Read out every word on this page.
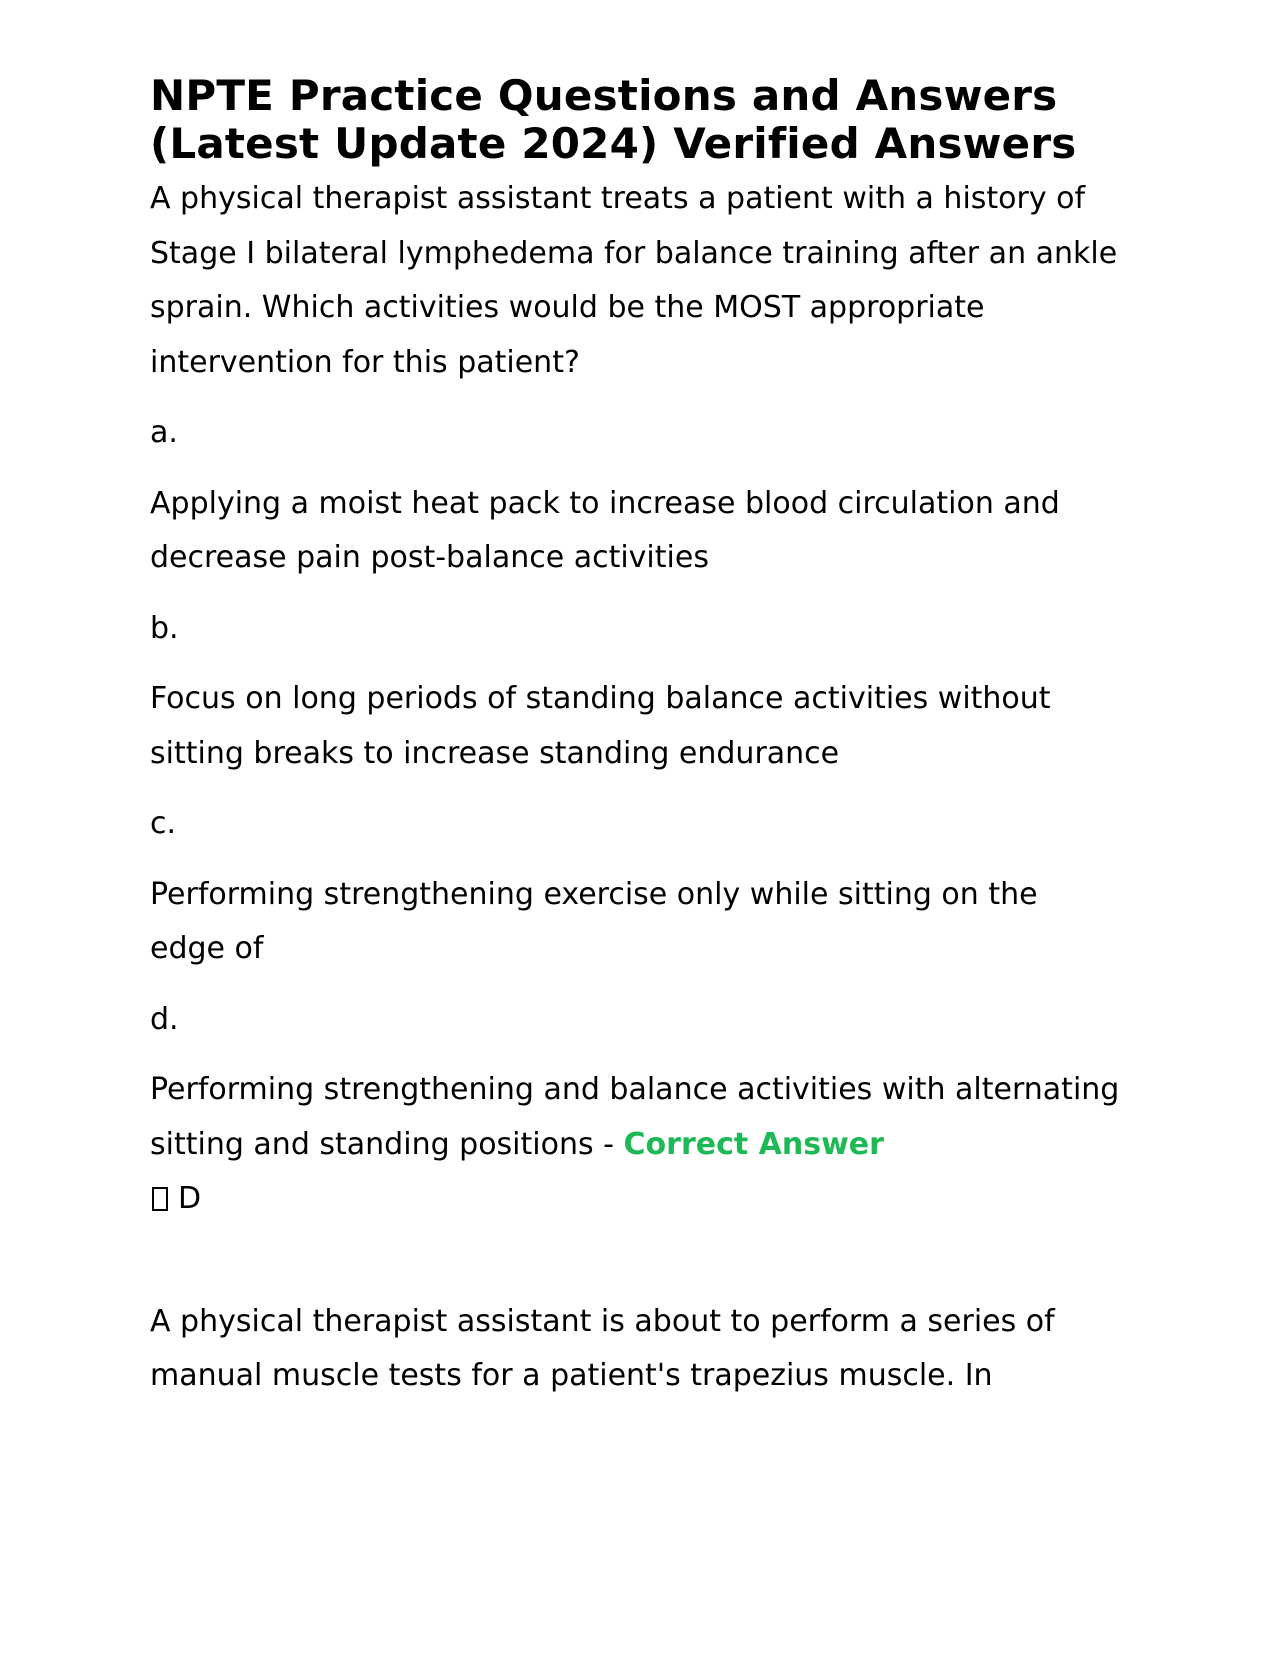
NPTE Practice Questions and Answers
(Latest Update 2024) Verified Answers

A physical therapist assistant treats a patient with a history of Stage I bilateral lymphedema for balance training after an ankle sprain. Which activities would be the MOST appropriate intervention for this patient?

a.

Applying a moist heat pack to increase blood circulation and decrease pain post-balance activities

b.

Focus on long periods of standing balance activities without sitting breaks to increase standing endurance

c.

Performing strengthening exercise only while sitting on the edge of

d.

Performing strengthening and balance activities with alternating sitting and standing positions - Correct Answer
D

A physical therapist assistant is about to perform a series of manual muscle tests for a patient's trapezius muscle. In
